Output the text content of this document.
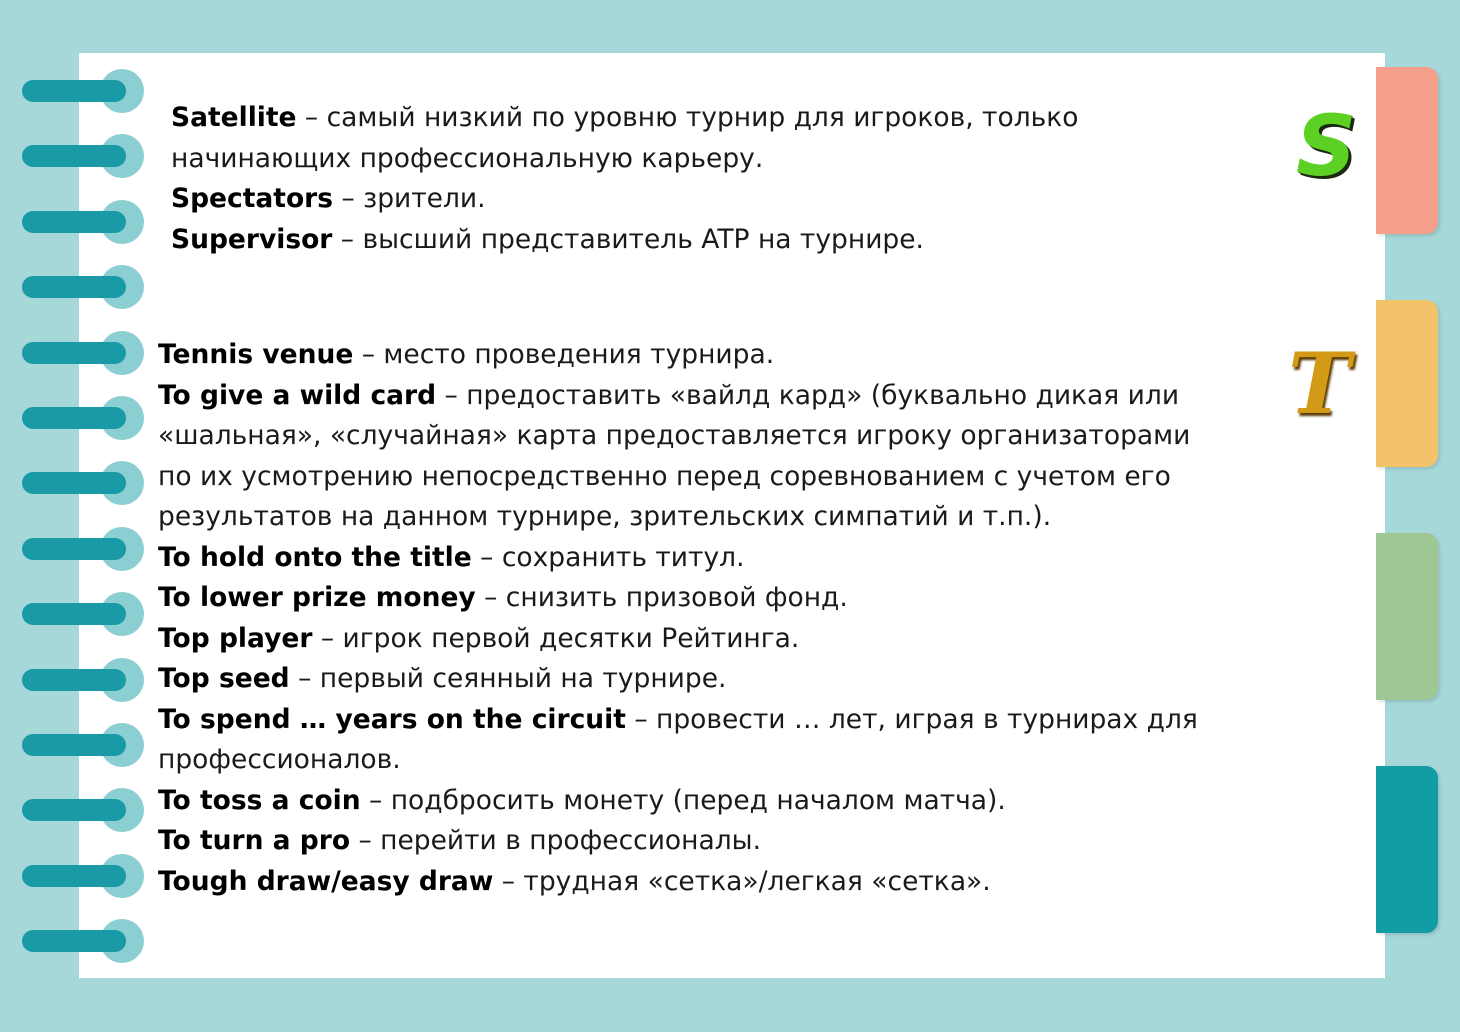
Satellite – самый низкий по уровню турнир для игроков, только начинающих профессиональную карьеру.
Spectators – зрители.
Supervisor – высший представитель ATP на турнире.
Tennis venue – место проведения турнира.
To give a wild card – предоставить «вайлд кард» (буквально дикая или «шальная», «случайная» карта предоставляется игроку организаторами по их усмотрению непосредственно перед соревнованием с учетом его результатов на данном турнире, зрительских симпатий и т.п.).
To hold onto the title – сохранить титул.
To lower prize money – снизить призовой фонд.
Top player – игрок первой десятки Рейтинга.
Top seed – первый сеянный на турнире.
To spend … years on the circuit – провести … лет, играя в турнирах для профессионалов.
To toss a coin – подбросить монету (перед началом матча).
To turn a pro – перейти в профессионалы.
Tough draw/easy draw – трудная «сетка»/легкая «сетка».
S
T
